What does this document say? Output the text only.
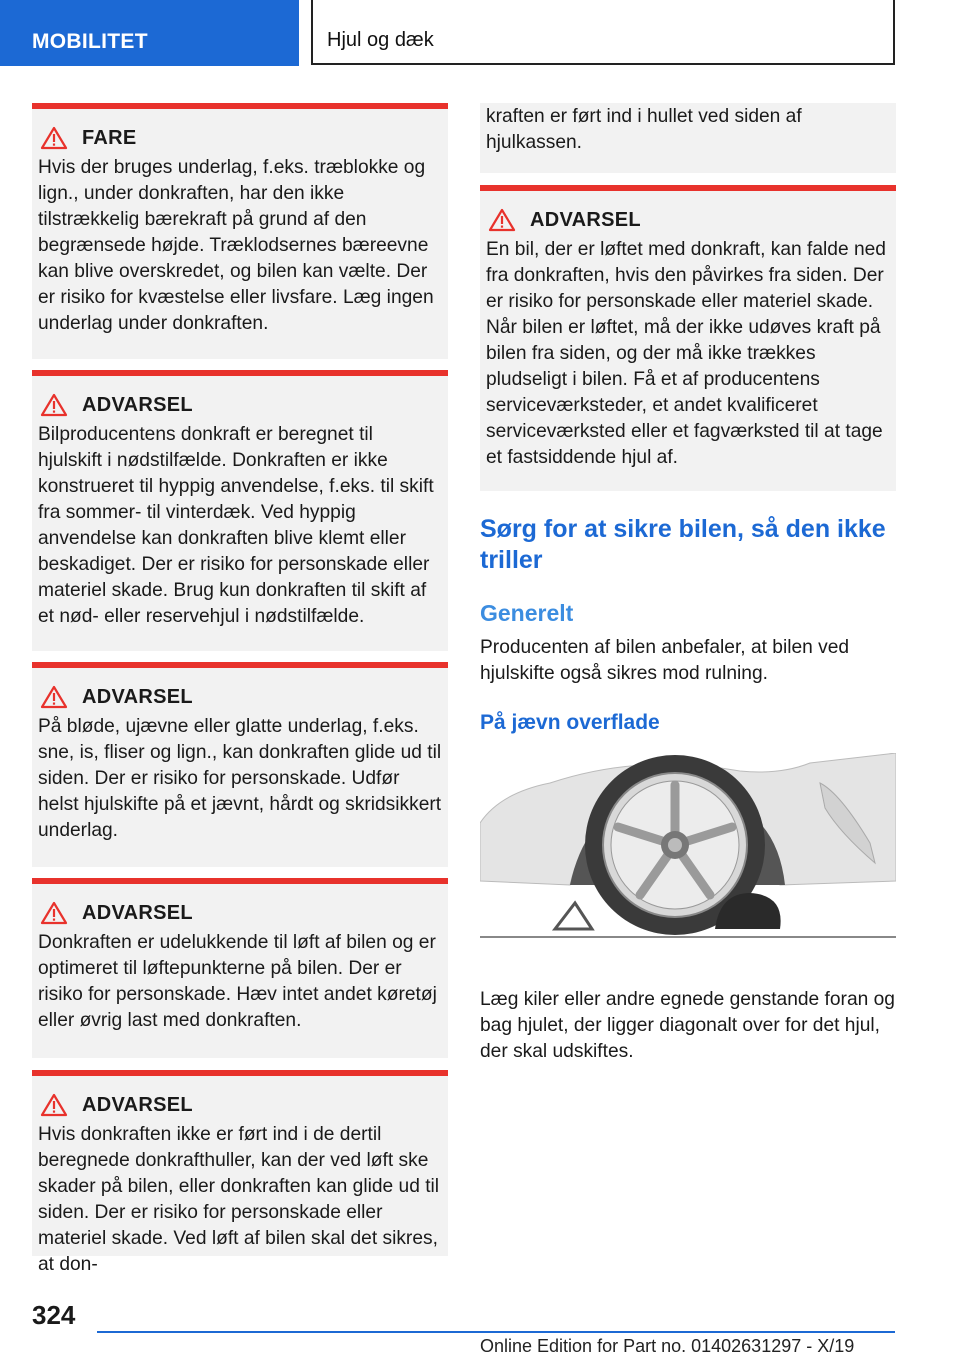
MOBILITET	Hjul og dæk
FARE

Hvis der bruges underlag, f.eks. træblokke og lign., under donkraften, har den ikke tilstrækkelig bærekraft på grund af den begrænsede højde. Træklodsernes bæreevne kan blive overskredet, og bilen kan vælte. Der er risiko for kvæstelse eller livsfare. Læg ingen underlag under donkraften.

ADVARSEL

Bilproducentens donkraft er beregnet til hjulskift i nødstilfælde. Donkraften er ikke konstrueret til hyppig anvendelse, f.eks. til skift fra sommer- til vinterdæk. Ved hyppig anvendelse kan donkraften blive klemt eller beskadiget. Der er risiko for personskade eller materiel skade. Brug kun donkraften til skift af et nød- eller reservehjul i nødstilfælde.

ADVARSEL

På bløde, ujævne eller glatte underlag, f.eks. sne, is, fliser og lign., kan donkraften glide ud til siden. Der er risiko for personskade. Udfør helst hjulskifte på et jævnt, hårdt og skridsikkert underlag.

ADVARSEL

Donkraften er udelukkende til løft af bilen og er optimeret til løftepunkterne på bilen. Der er risiko for personskade. Hæv intet andet køretøj eller øvrig last med donkraften.

ADVARSEL

Hvis donkraften ikke er ført ind i de dertil beregnede donkrafthuller, kan der ved løft ske skader på bilen, eller donkraften kan glide ud til siden. Der er risiko for personskade eller materiel skade. Ved løft af bilen skal det sikres, at don-

kraften er ført ind i hullet ved siden af hjulkassen.

ADVARSEL

En bil, der er løftet med donkraft, kan falde ned fra donkraften, hvis den påvirkes fra siden. Der er risiko for personskade eller materiel skade. Når bilen er løftet, må der ikke udøves kraft på bilen fra siden, og der må ikke trækkes pludseligt i bilen. Få et af producentens serviceværksteder, et andet kvalificeret serviceværksted eller et fagværksted til at tage et fastsiddende hjul af.

Sørg for at sikre bilen, så den ikke triller
Generelt

Producenten af bilen anbefaler, at bilen ved hjulskifte også sikres mod rulning.

På jævn overflade

Læg kiler eller andre egnede genstande foran og bag hjulet, der ligger diagonalt over for det hjul, der skal udskiftes.

324
Online Edition for Part no. 01402631297 - X/19
